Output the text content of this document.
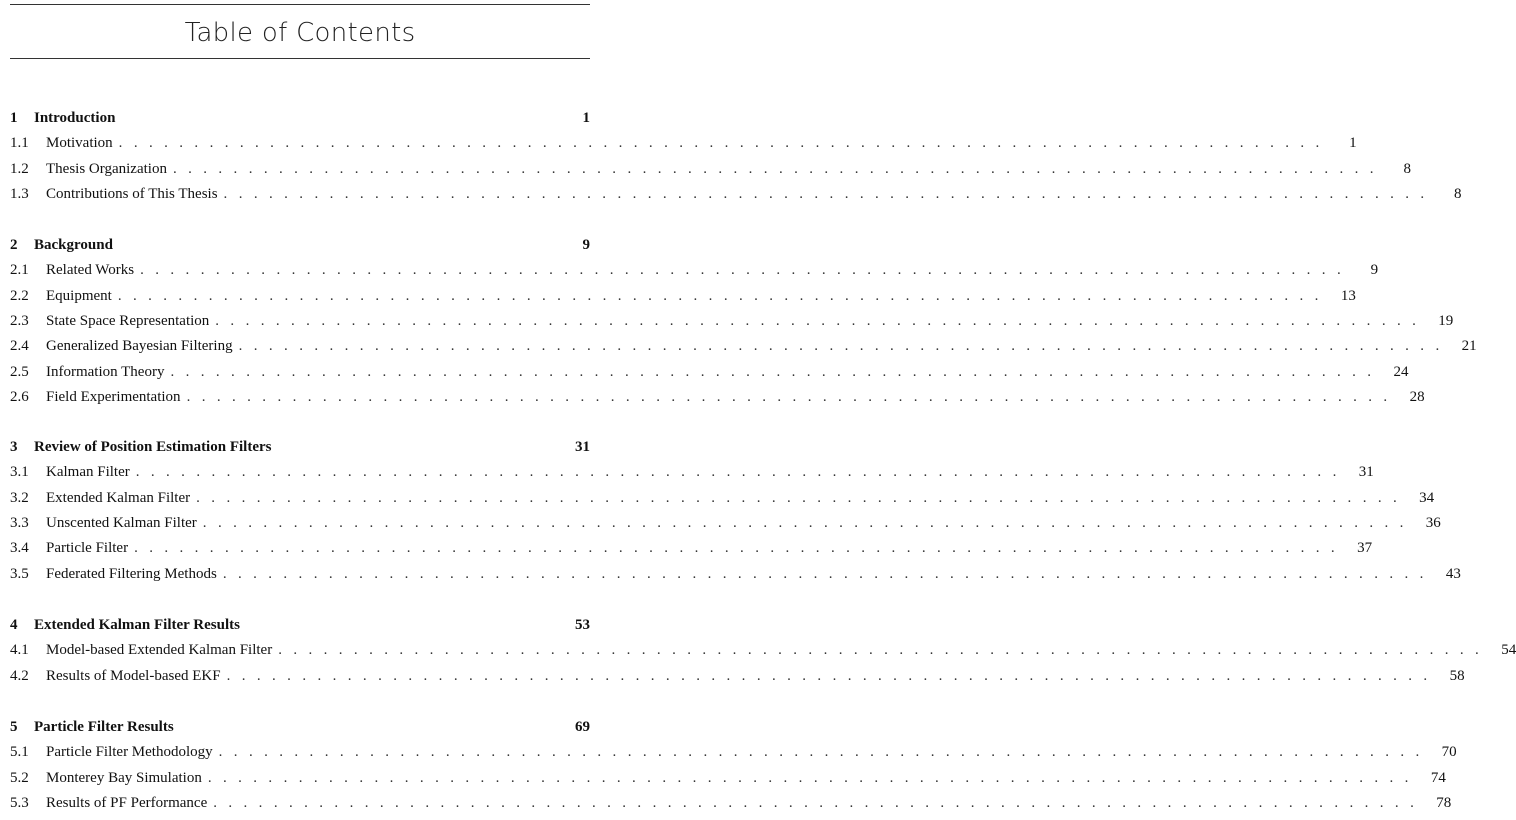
Table of Contents
1	Introduction	1
1.1	Motivation ................................................................................	1
1.2	Thesis Organization ................................................................................	8
1.3	Contributions of This Thesis ................................................................................	8
2	Background	9
2.1	Related Works ................................................................................	9
2.2	Equipment ................................................................................ 13
2.3	State Space Representation ................................................................................ 19
2.4	Generalized Bayesian Filtering ................................................................................ 21
2.5	Information Theory ................................................................................ 24
2.6	Field Experimentation ................................................................................ 28
3	Review of Position Estimation Filters	31
3.1	Kalman Filter ................................................................................ 31
3.2	Extended Kalman Filter ................................................................................ 34
3.3	Unscented Kalman Filter ................................................................................ 36
3.4	Particle Filter ................................................................................ 37
3.5	Federated Filtering Methods ................................................................................ 43
4	Extended Kalman Filter Results	53
4.1	Model-based Extended Kalman Filter ................................................................................ 54
4.2	Results of Model-based EKF ................................................................................ 58
5	Particle Filter Results	69
5.1	Particle Filter Methodology ................................................................................ 70
5.2	Monterey Bay Simulation ................................................................................ 74
5.3	Results of PF Performance ................................................................................ 78
